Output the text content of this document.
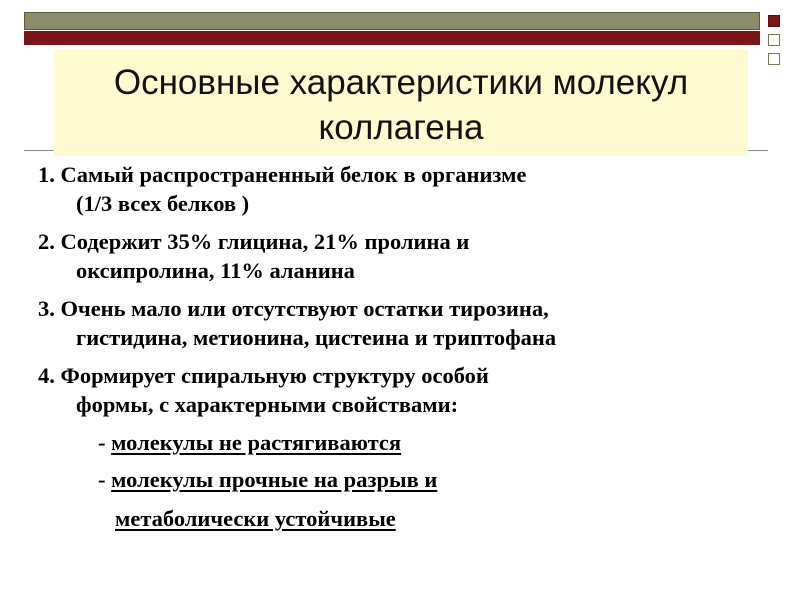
Основные характеристики молекул
коллагена
1. Самый распространенный белок в организме
(1/3 всех белков )
2. Содержит 35% глицина, 21% пролина и
оксипролина, 11% аланина
3. Очень мало или отсутствуют остатки тирозина,
гистидина, метионина, цистеина и триптофана
4. Формирует спиральную структуру особой
формы, с характерными свойствами:
- молекулы не растягиваются
- молекулы прочные на разрыв и
метаболически устойчивые
